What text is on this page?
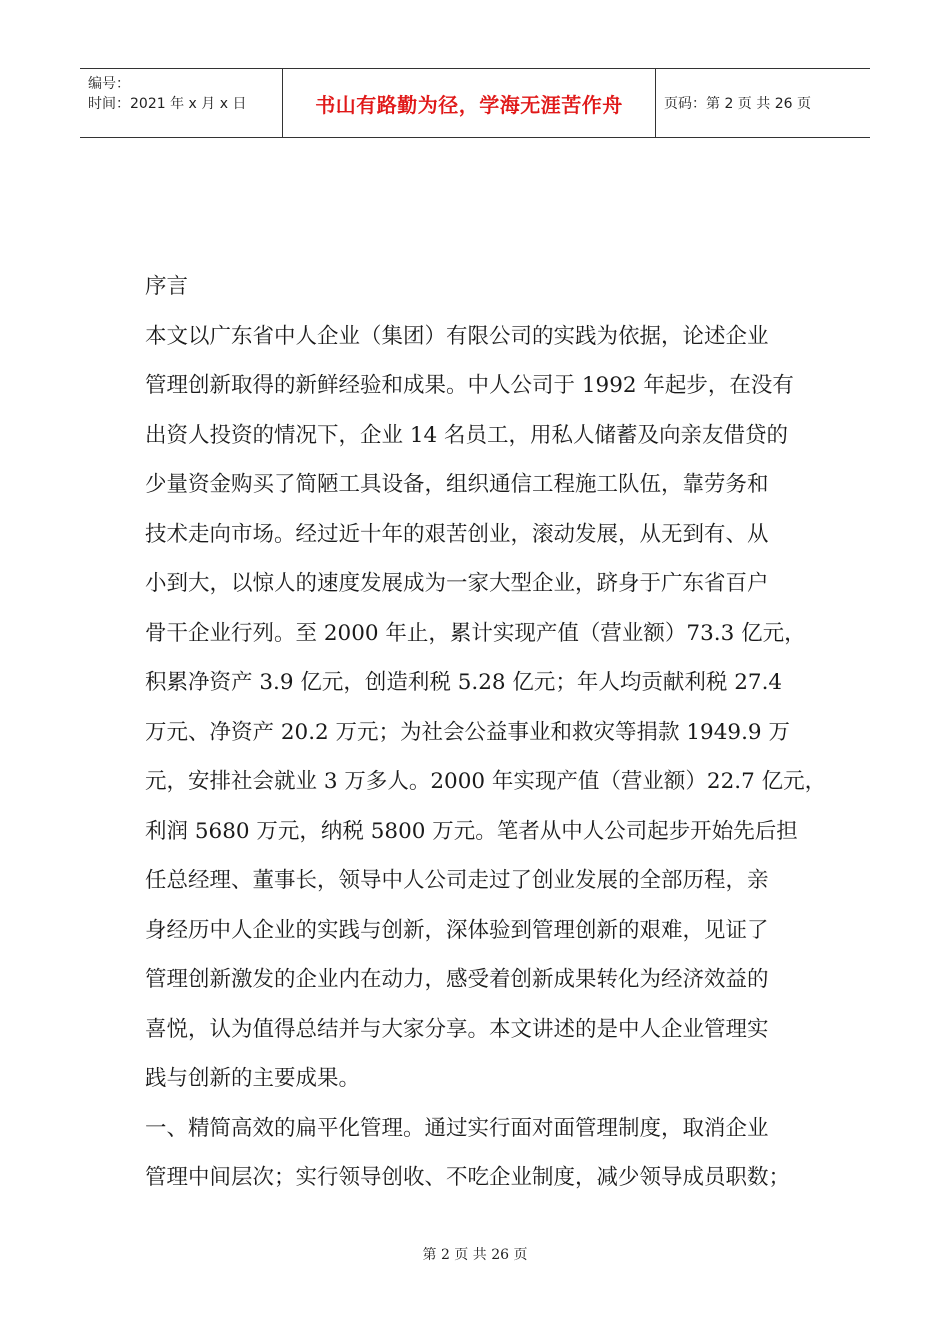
编号：
时间：2021 年 x 月 x 日	书山有路勤为径，学海无涯苦作舟	页码：第 2 页 共 26 页
序言
本文以广东省中人企业（集团）有限公司的实践为依据，论述企业
管理创新取得的新鲜经验和成果。中人公司于 1992 年起步，在没有
出资人投资的情况下，企业 14 名员工，用私人储蓄及向亲友借贷的
少量资金购买了简陋工具设备，组织通信工程施工队伍，靠劳务和
技术走向市场。经过近十年的艰苦创业，滚动发展，从无到有、从
小到大，以惊人的速度发展成为一家大型企业，跻身于广东省百户
骨干企业行列。至 2000 年止，累计实现产值（营业额）73.3 亿元，
积累净资产 3.9 亿元，创造利税 5.28 亿元；年人均贡献利税 27.4
万元、净资产 20.2 万元；为社会公益事业和救灾等捐款 1949.9 万
元，安排社会就业 3 万多人。2000 年实现产值（营业额）22.7 亿元，
利润 5680 万元，纳税 5800 万元。笔者从中人公司起步开始先后担
任总经理、董事长，领导中人公司走过了创业发展的全部历程，亲
身经历中人企业的实践与创新，深体验到管理创新的艰难，见证了
管理创新激发的企业内在动力，感受着创新成果转化为经济效益的
喜悦，认为值得总结并与大家分享。本文讲述的是中人企业管理实
践与创新的主要成果。
一、精简高效的扁平化管理。通过实行面对面管理制度，取消企业
管理中间层次；实行领导创收、不吃企业制度，减少领导成员职数；
第 2 页 共 26 页
